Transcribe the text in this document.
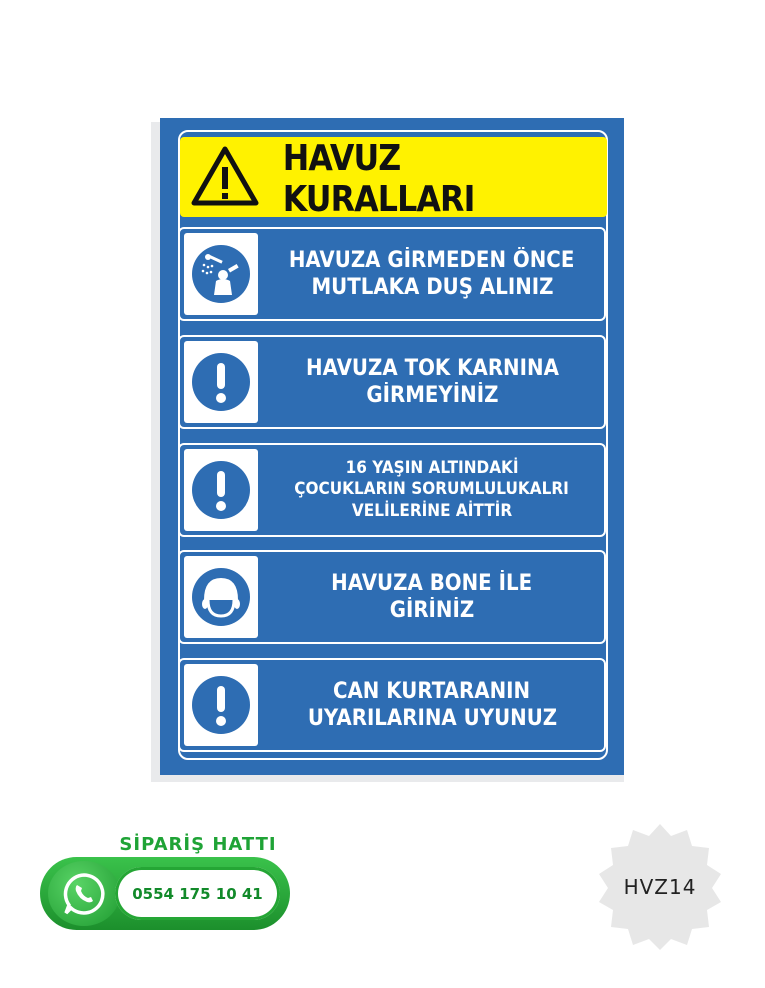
HAVUZ KURALLARI
HAVUZA GİRMEDEN ÖNCE
MUTLAKA DUŞ ALINIZ
HAVUZA TOK KARNINA
GİRMEYİNİZ
16 YAŞIN ALTINDAKİ
ÇOCUKLARIN SORUMLULUKALRI
VELİLERİNE AİTTİR
HAVUZA BONE İLE
GİRİNİZ
CAN KURTARANIN
UYARILARINA UYUNUZ
SİPARİŞ HATTI
0554 175 10 41	HVZ14
